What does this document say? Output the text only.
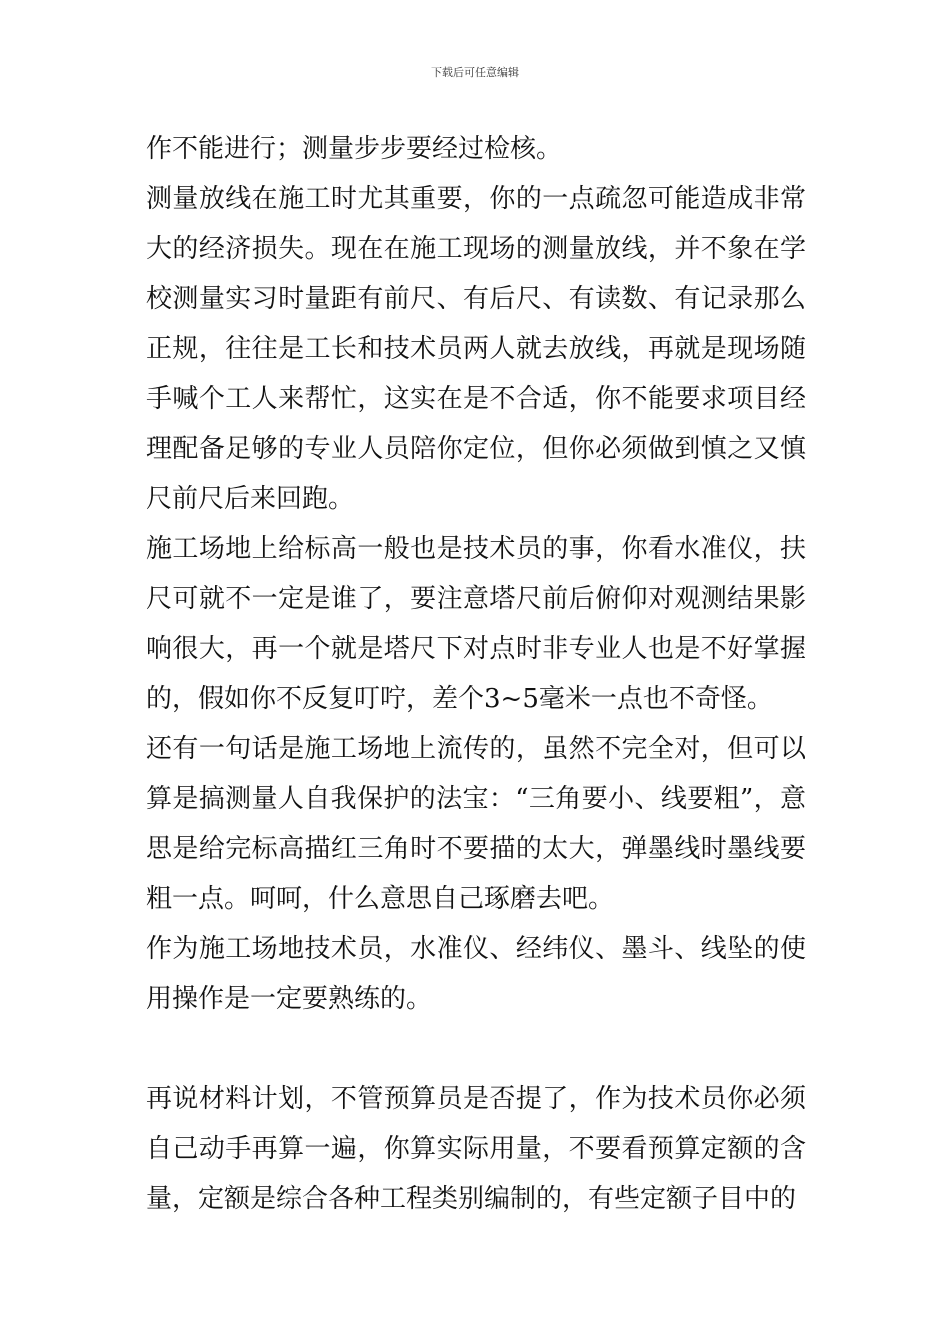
下载后可任意编辑

作不能进行；测量步步要经过检核。

测量放线在施工时尤其重要，你的一点疏忽可能造成非常大的经济损失。现在在施工现场的测量放线，并不象在学校测量实习时量距有前尺、有后尺、有读数、有记录那么正规，往往是工长和技术员两人就去放线，再就是现场随手喊个工人来帮忙，这实在是不合适，你不能要求项目经理配备足够的专业人员陪你定位，但你必须做到慎之又慎尺前尺后来回跑。

施工场地上给标高一般也是技术员的事，你看水准仪，扶尺可就不一定是谁了，要注意塔尺前后俯仰对观测结果影响很大，再一个就是塔尺下对点时非专业人也是不好掌握的，假如你不反复叮咛，差个3~5毫米一点也不奇怪。

还有一句话是施工场地上流传的，虽然不完全对，但可以算是搞测量人自我保护的法宝：“三角要小、线要粗”，意思是给完标高描红三角时不要描的太大，弹墨线时墨线要粗一点。呵呵，什么意思自己琢磨去吧。

作为施工场地技术员，水准仪、经纬仪、墨斗、线坠的使用操作是一定要熟练的。

再说材料计划，不管预算员是否提了，作为技术员你必须自己动手再算一遍，你算实际用量，不要看预算定额的含量，定额是综合各种工程类别编制的，有些定额子目中的
